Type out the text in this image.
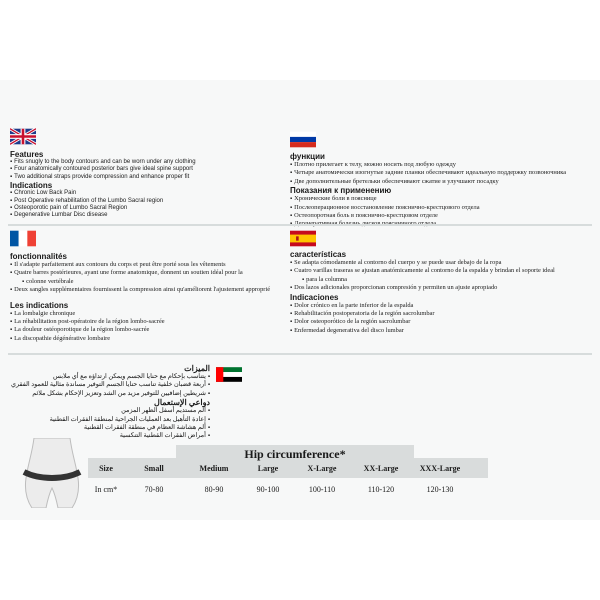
Features
▪ Fits snugly to the body contours and can be worn under any clothing
▪ Four anatomically contoured posterior bars give ideal spine support
▪ Two additional straps provide compression and enhance proper fit
Indications
▪ Chronic Low Back Pain
▪ Post Operative rehabilitation of the Lumbo Sacral region
▪ Osteoporotic pain of Lumbo Sacral Region
▪ Degenerative Lumbar Disc disease
функции
▪ Плотно прилегает к телу, можно носить под любую одежду
▪ Четыре анатомически изогнутые задние планки обеспечивают идеальную поддержку позвоночника
▪ Две дополнительные бретельки обеспечивают сжатие и улучшают посадку
Показания к применению
▪ Хронические боли в пояснице
▪ Послеоперационное восстановление пояснично-крестцового отдела
▪ Остеопоротная боль в пояснично-крестцовом отделе
▪
fonctionnalités
▪ Il s'adapte parfaitement aux contours du corps et peut être porté sous les vêtements
▪ Quatre barres postérieures, ayant une forme anatomique, donnent un soutien idéal pour la
▪ colonne vertébrale
▪ Deux sangles supplémentaires fournissent la compression ainsi qu'améliorent l'ajustement approprié
Les indications
▪ La lombalgie chronique
▪ La réhabilitation post-opératoire de la région lombo-sacrée
▪ La douleur ostéoporotique de la région lombo-sacrée
▪ La discopathie dégénérative lombaire
características
▪ Se adapta cómodamente al contorno del cuerpo y se puede usar debajo de la ropa
▪ Cuatro varillas traseras se ajustan anatómicamente al contorno de la espalda y brindan el soporte ideal
▪ para la columna
▪ Dos lazos adicionales proporcionan compresión y permiten un ajuste apropiado
Indicaciones
▪ Dolor crónico en la parte inferior de la espalda
▪ Rehabilitación postoperatoria de la región sacrolumbar
▪ Dolor osteoporótico de la región sacrolumbar
▪ Enfermedad degenerativa del disco lumbar
الميزات
▪ يتناسب بإحكام مع حنايا الجسم ويمكن ارتداؤه مع أي ملابس
▪ أربعة قضبان خلفية تناسب حنايا الجسم التوفير مساندة مثالية للعمود الفقري
▪ شريطين إضافيين للتوفير مزيد من الشد وتعزيز الإحكام بشكل ملائم
دواعي الإستعمال
▪ ألم مستديم أسفل الظهر المزمن
▪ إعادة التأهيل بعد العمليات الجراحية لمنطقة الفقرات القطنية
▪ ألم هشاشة العظام في منطقة الفقرات القطنية
▪ أمراض الفقرات القطنية التنكسية
Hip circumference*
Size	Small	Medium	Large	X-Large	XX-Large	XXX-Large
In cm*	70-80	80-90	90-100	100-110	110-120	120-130
